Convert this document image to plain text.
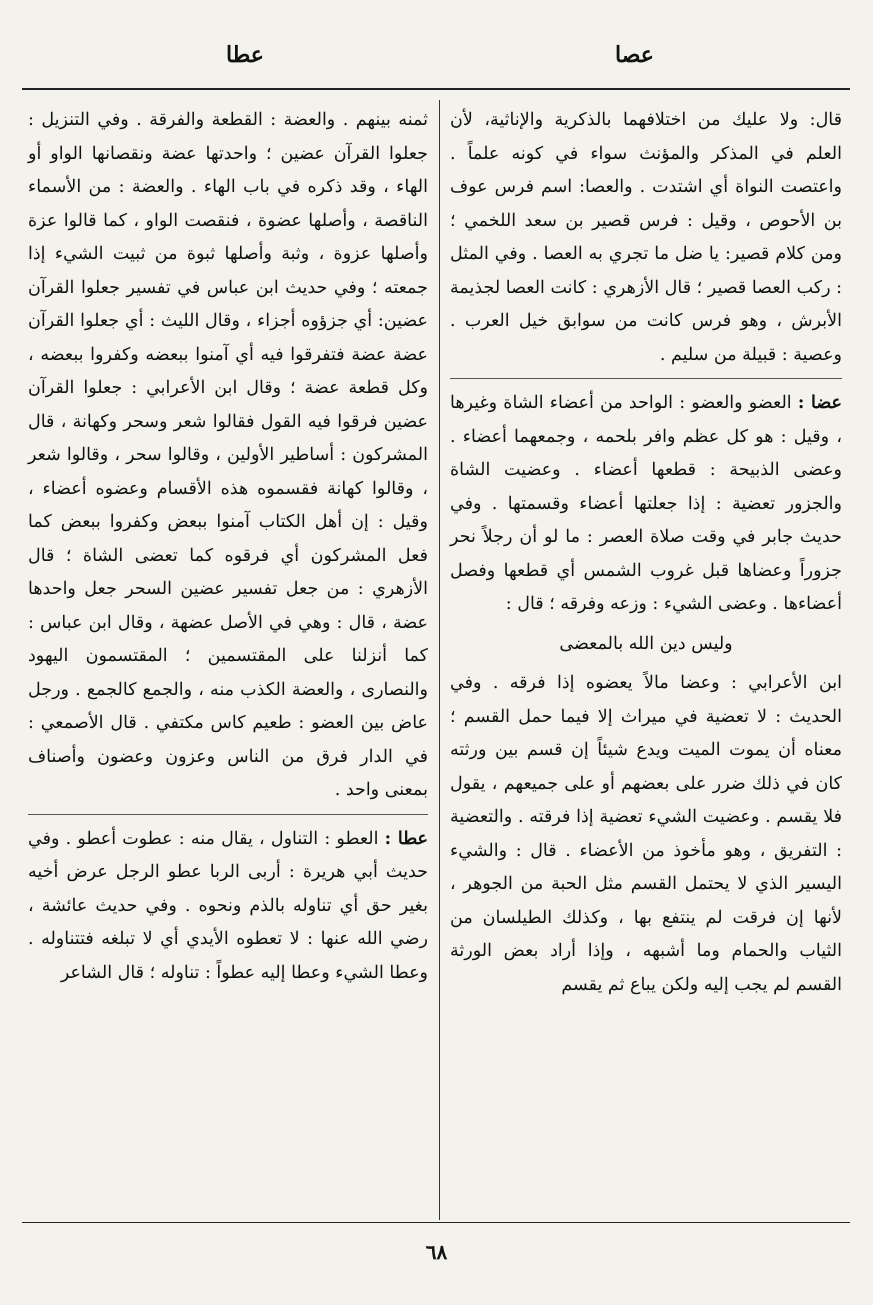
عصا
عطا

قال: ولا عليك من اختلافهما بالذكرية والإناثية، لأن العلم في المذكر والمؤنث سواء في كونه علماً . واعتصت النواة أي اشتدت . والعصا: اسم فرس عوف بن الأحوص ، وقيل : فرس قصير بن سعد اللخمي ؛ ومن كلام قصير: يا ضل ما تجري به العصا . وفي المثل : ركب العصا قصير ؛ قال الأزهري : كانت العصا لجذيمة الأبرش ، وهو فرس كانت من سوابق خيل العرب . وعصية : قبيلة من سليم .

عضا : العضو والعضو : الواحد من أعضاء الشاة وغيرها ، وقيل : هو كل عظم وافر بلحمه ، وجمعهما أعضاء . وعضى الذبيحة : قطعها أعضاء . وعضيت الشاة والجزور تعضية : إذا جعلتها أعضاء وقسمتها . وفي حديث جابر في وقت صلاة العصر : ما لو أن رجلاً نحر جزوراً وعضاها قبل غروب الشمس أي قطعها وفصل أعضاءها . وعضى الشيء : وزعه وفرقه ؛ قال :

وليس دين الله بالمعضى

ابن الأعرابي : وعضا مالاً يعضوه إذا فرقه . وفي الحديث : لا تعضية في ميراث إلا فيما حمل القسم ؛ معناه أن يموت الميت ويدع شيئاً إن قسم بين ورثته كان في ذلك ضرر على بعضهم أو على جميعهم ، يقول فلا يقسم . وعضيت الشيء تعضية إذا فرقته . والتعضية : التفريق ، وهو مأخوذ من الأعضاء . قال : والشيء اليسير الذي لا يحتمل القسم مثل الحبة من الجوهر ، لأنها إن فرقت لم ينتفع بها ، وكذلك الطيلسان من الثياب والحمام وما أشبهه ، وإذا أراد بعض الورثة القسم لم يجب إليه ولكن يباع ثم يقسم

ثمنه بينهم . والعضة : القطعة والفرقة . وفي التنزيل : جعلوا القرآن عضين ؛ واحدتها عضة ونقصانها الواو أو الهاء ، وقد ذكره في باب الهاء . والعضة : من الأسماء الناقصة ، وأصلها عضوة ، فنقصت الواو ، كما قالوا عزة وأصلها عزوة ، وثبة وأصلها ثبوة من ثبيت الشيء إذا جمعته ؛ وفي حديث ابن عباس في تفسير جعلوا القرآن عضين: أي جزؤوه أجزاء ، وقال الليث : أي جعلوا القرآن عضة عضة فتفرقوا فيه أي آمنوا ببعضه وكفروا ببعضه ، وكل قطعة عضة ؛ وقال ابن الأعرابي : جعلوا القرآن عضين فرقوا فيه القول فقالوا شعر وسحر وكهانة ، قال المشركون : أساطير الأولين ، وقالوا سحر ، وقالوا شعر ، وقالوا كهانة فقسموه هذه الأقسام وعضوه أعضاء ، وقيل : إن أهل الكتاب آمنوا ببعض وكفروا ببعض كما فعل المشركون أي فرقوه كما تعضى الشاة ؛ قال الأزهري : من جعل تفسير عضين السحر جعل واحدها عضة ، قال : وهي في الأصل عضهة ، وقال ابن عباس : كما أنزلنا على المقتسمين ؛ المقتسمون اليهود والنصارى ، والعضة الكذب منه ، والجمع كالجمع . ورجل عاض بين العضو : طعيم كاس مكتفي . قال الأصمعي : في الدار فرق من الناس وعزون وعضون وأصناف بمعنى واحد .

عطا : العطو : التناول ، يقال منه : عطوت أعطو . وفي حديث أبي هريرة : أربى الربا عطو الرجل عرض أخيه بغير حق أي تناوله بالذم ونحوه . وفي حديث عائشة ، رضي الله عنها : لا تعطوه الأيدي أي لا تبلغه فتتناوله . وعطا الشيء وعطا إليه عطواً : تناوله ؛ قال الشاعر

٦٨
